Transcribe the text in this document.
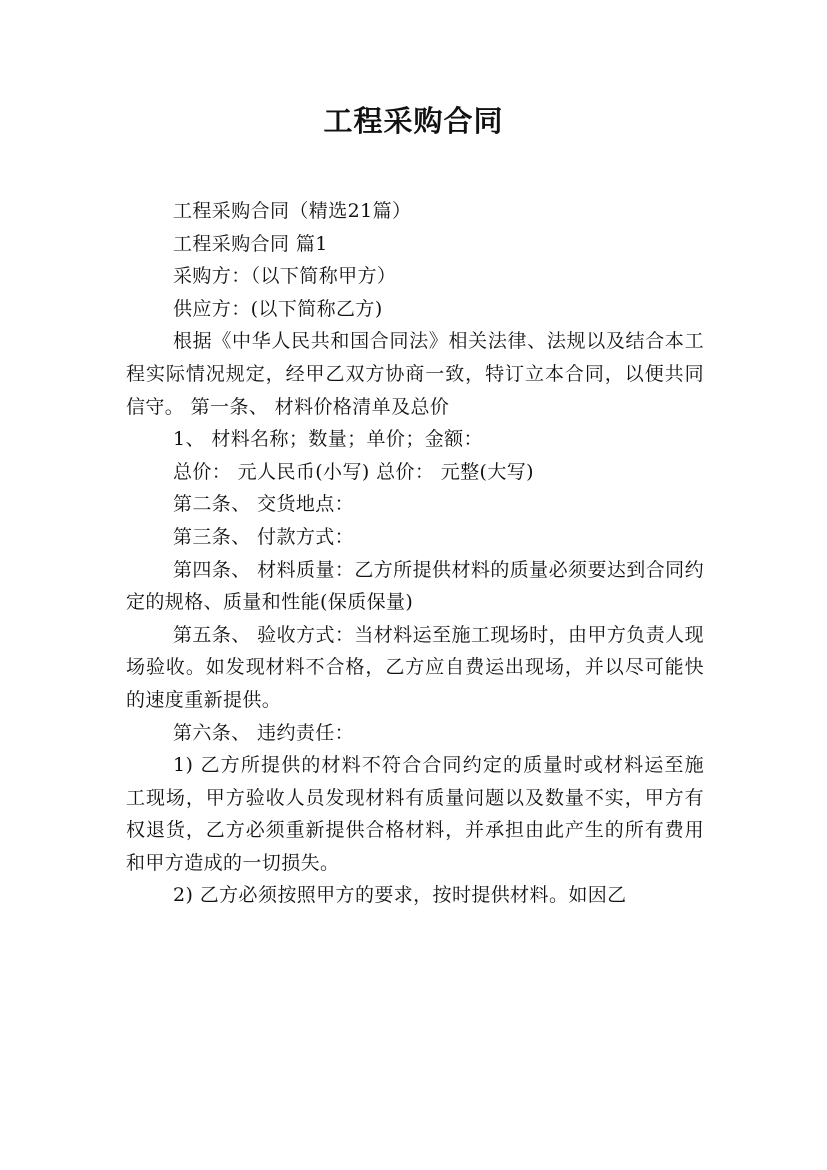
工程采购合同

工程采购合同（精选21篇）

工程采购合同 篇1

采购方：（以下简称甲方）

供应方：(以下简称乙方)

根据《中华人民共和国合同法》相关法律、法规以及结合本工程实际情况规定，经甲乙双方协商一致，特订立本合同，以便共同信守。 第一条、 材料价格清单及总价

1、 材料名称；数量；单价；金额：

总价： 元人民币(小写) 总价： 元整(大写)

第二条、 交货地点：

第三条、 付款方式：

第四条、 材料质量：乙方所提供材料的质量必须要达到合同约定的规格、质量和性能(保质保量)

第五条、 验收方式：当材料运至施工现场时，由甲方负责人现场验收。如发现材料不合格，乙方应自费运出现场，并以尽可能快的速度重新提供。

第六条、 违约责任：

1) 乙方所提供的材料不符合合同约定的质量时或材料运至施工现场，甲方验收人员发现材料有质量问题以及数量不实，甲方有权退货，乙方必须重新提供合格材料，并承担由此产生的所有费用和甲方造成的一切损失。

2) 乙方必须按照甲方的要求，按时提供材料。如因乙
